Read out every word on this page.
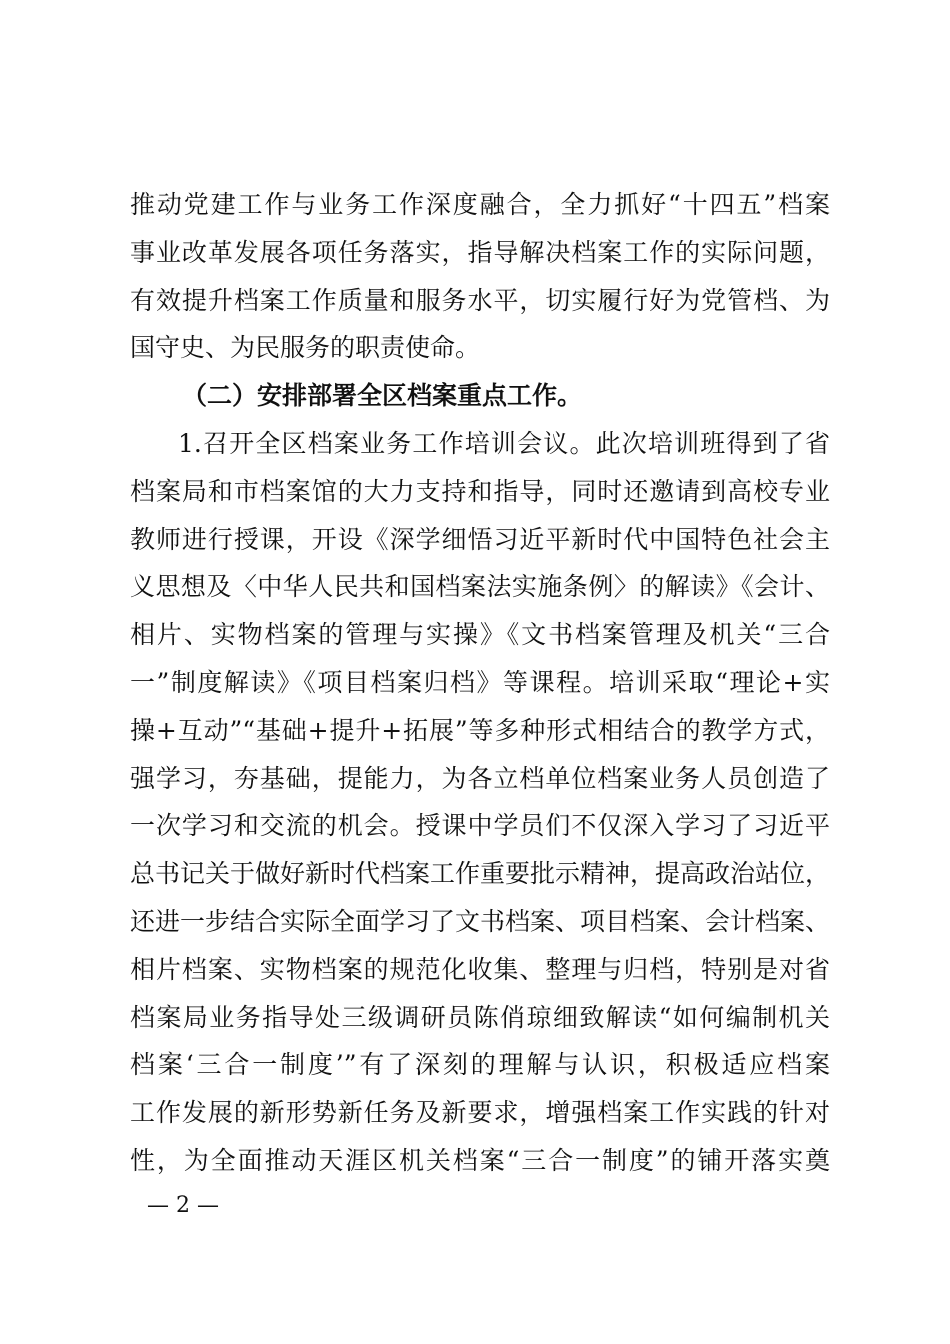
推动党建工作与业务工作深度融合，全力抓好“十四五”档案
事业改革发展各项任务落实，指导解决档案工作的实际问题，
有效提升档案工作质量和服务水平，切实履行好为党管档、为
国守史、为民服务的职责使命。
（二）安排部署全区档案重点工作。
1.召开全区档案业务工作培训会议。此次培训班得到了省
档案局和市档案馆的大力支持和指导，同时还邀请到高校专业
教师进行授课，开设《深学细悟习近平新时代中国特色社会主
义思想及〈中华人民共和国档案法实施条例〉的解读》《会计、
相片、实物档案的管理与实操》《文书档案管理及机关“三合
一”制度解读》《项目档案归档》等课程。培训采取“理论+实
操+互动”“基础+提升+拓展”等多种形式相结合的教学方式，
强学习，夯基础，提能力，为各立档单位档案业务人员创造了
一次学习和交流的机会。授课中学员们不仅深入学习了习近平
总书记关于做好新时代档案工作重要批示精神，提高政治站位，
还进一步结合实际全面学习了文书档案、项目档案、会计档案、
相片档案、实物档案的规范化收集、整理与归档，特别是对省
档案局业务指导处三级调研员陈俏琼细致解读“如何编制机关
档案‘三合一制度’”有了深刻的理解与认识，积极适应档案
工作发展的新形势新任务及新要求，增强档案工作实践的针对
性，为全面推动天涯区机关档案“三合一制度”的铺开落实奠
— 2 —
